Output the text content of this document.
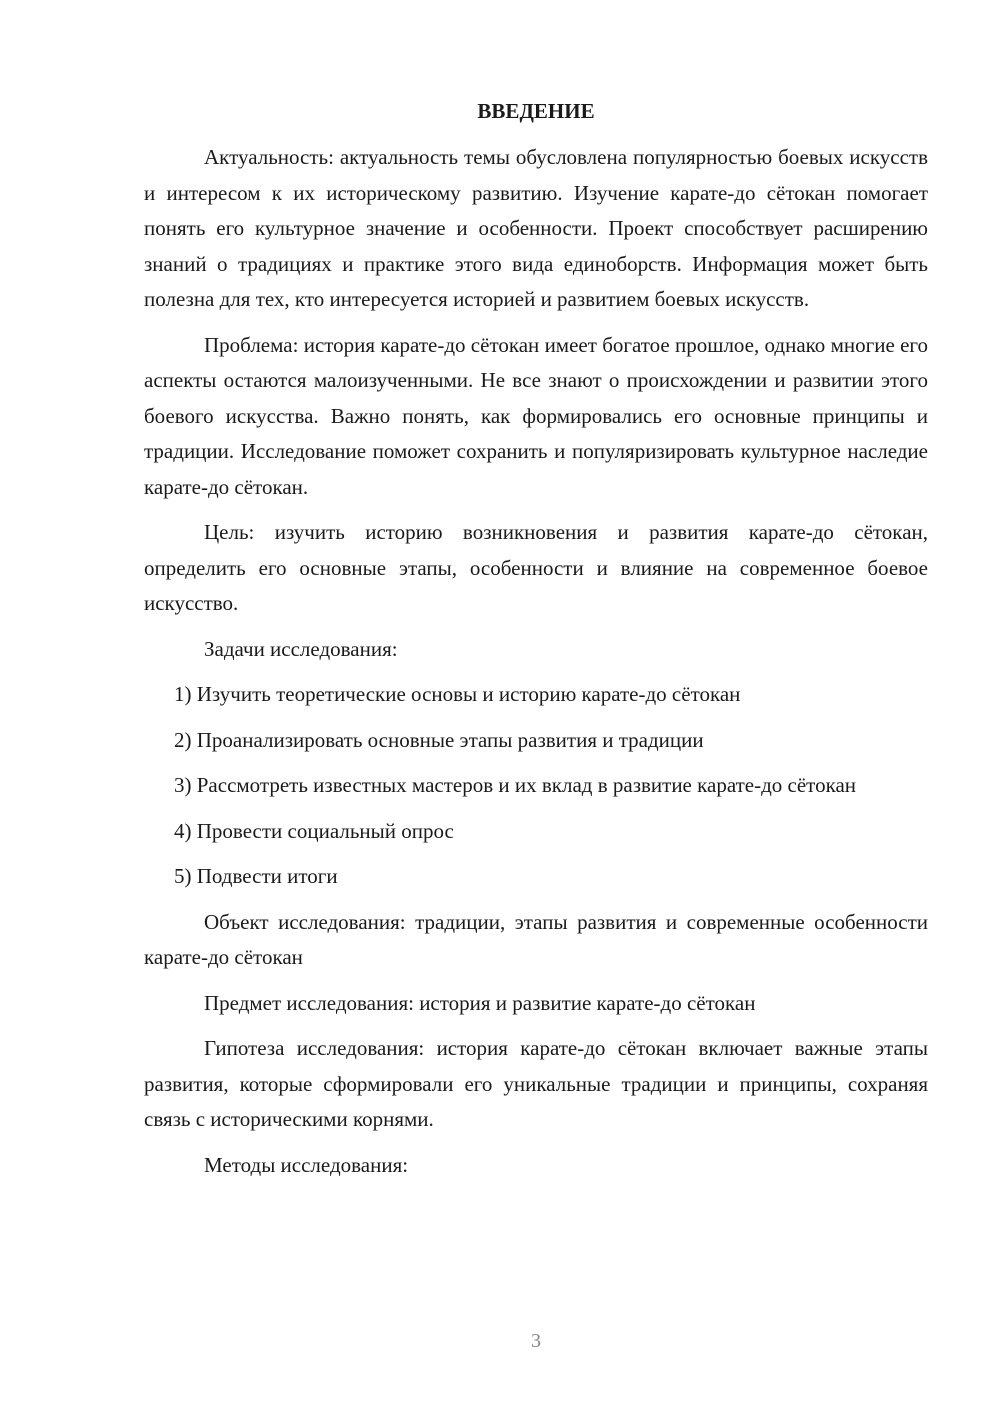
ВВЕДЕНИЕ

Актуальность: актуальность темы обусловлена популярностью боевых искусств и интересом к их историческому развитию. Изучение карате-до сётокан помогает понять его культурное значение и особенности. Проект способствует расширению знаний о традициях и практике этого вида единоборств. Информация может быть полезна для тех, кто интересуется историей и развитием боевых искусств.

Проблема: история карате-до сётокан имеет богатое прошлое, однако многие его аспекты остаются малоизученными. Не все знают о происхождении и развитии этого боевого искусства. Важно понять, как формировались его основные принципы и традиции. Исследование поможет сохранить и популяризировать культурное наследие карате-до сётокан.

Цель: изучить историю возникновения и развития карате-до сётокан, определить его основные этапы, особенности и влияние на современное боевое искусство.

Задачи исследования:

1) Изучить теоретические основы и историю карате-до сётокан

2) Проанализировать основные этапы развития и традиции

3) Рассмотреть известных мастеров и их вклад в развитие карате-до сётокан

4) Провести социальный опрос

5) Подвести итоги

Объект исследования: традиции, этапы развития и современные особенности карате-до сётокан

Предмет исследования: история и развитие карате-до сётокан

Гипотеза исследования: история карате-до сётокан включает важные этапы развития, которые сформировали его уникальные традиции и принципы, сохраняя связь с историческими корнями.

Методы исследования:

3
